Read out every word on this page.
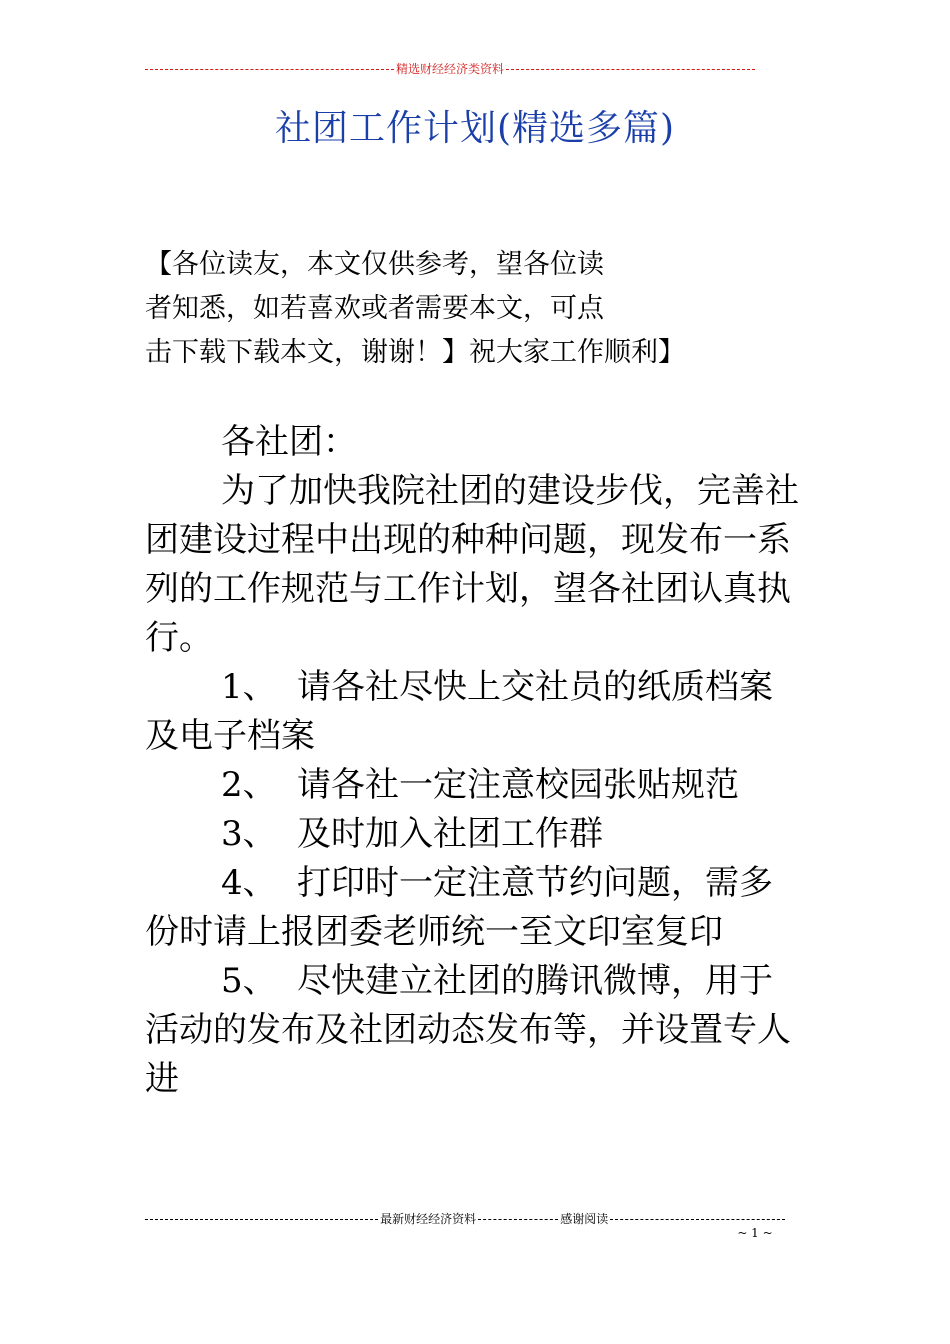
精选财经经济类资料
社团工作计划(精选多篇)
【各位读友，本文仅供参考，望各位读
者知悉，如若喜欢或者需要本文，可点
击下载下载本文，谢谢！】祝大家工作顺利】

各社团：

为了加快我院社团的建设步伐，完善社团建设过程中出现的种种问题，现发布一系列的工作规范与工作计划，望各社团认真执行。

1、 请各社尽快上交社员的纸质档案及电子档案

2、 请各社一定注意校园张贴规范

3、 及时加入社团工作群

4、 打印时一定注意节约问题，需多份时请上报团委老师统一至文印室复印

5、 尽快建立社团的腾讯微博，用于活动的发布及社团动态发布等，并设置专人进

最新财经经济资料	感谢阅读
~ 1 ~
